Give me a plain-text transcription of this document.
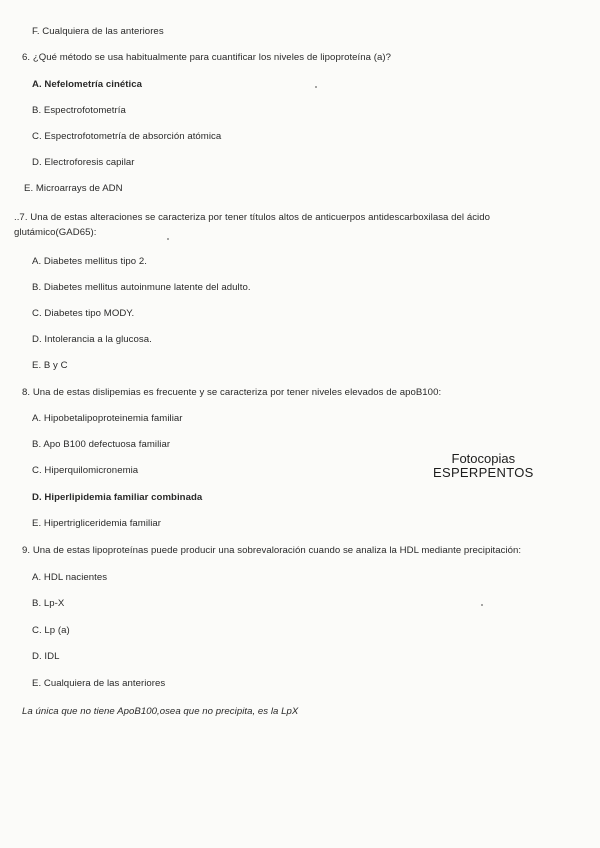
F. Cualquiera de las anteriores
6. ¿Qué método se usa habitualmente para cuantificar los niveles de lipoproteína (a)?
A. Nefelometría cinética
B. Espectrofotometría
C. Espectrofotometría de absorción atómica
D. Electroforesis capilar
E. Microarrays de ADN
..7. Una de estas alteraciones se caracteriza por tener títulos altos de anticuerpos antidescarboxilasa del ácido glutámico(GAD65):
A. Diabetes mellitus tipo 2.
B. Diabetes mellitus autoinmune latente del adulto.
C. Diabetes tipo MODY.
D. Intolerancia a la glucosa.
E. B y C
8. Una de estas dislipemias es frecuente y se caracteriza por tener niveles elevados de apoB100:
A. Hipobetalipoproteinemia familiar
B. Apo B100 defectuosa familiar
C. Hiperquilomicronemia
D. Hiperlipidemia familiar combinada
E. Hipertrigliceridemia familiar
9. Una de estas lipoproteínas puede producir una sobrevaloración cuando se analiza la HDL mediante precipitación:
A. HDL nacientes
B. Lp-X
C. Lp (a)
D. IDL
E. Cualquiera de las anteriores
La única que no tiene ApoB100,osea que no precipita, es la LpX
Fotocopias
ESPERPENTOS
